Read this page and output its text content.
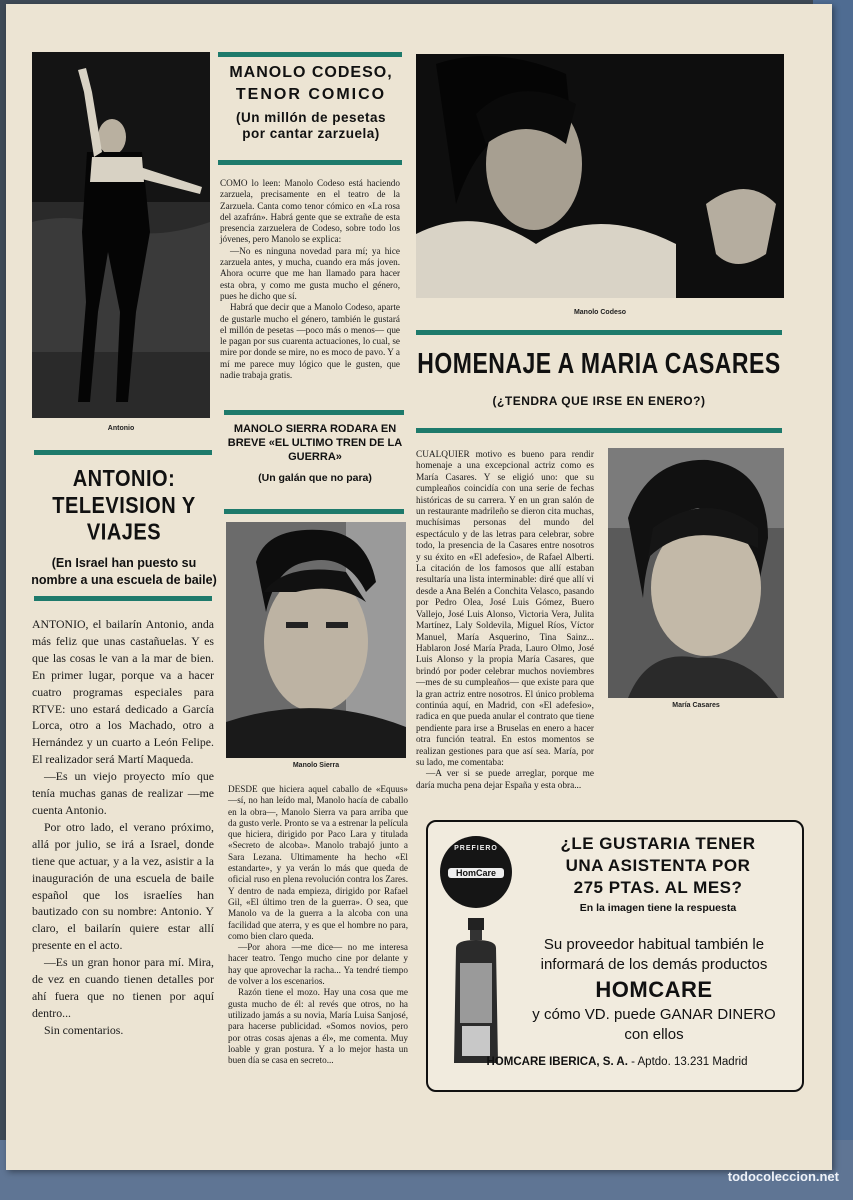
Antonio
ANTONIO:
TELEVISION Y VIAJES
(En Israel han puesto su nombre a una escuela de baile)

ANTONIO, el bailarín Antonio, anda más feliz que unas castañuelas. Y es que las cosas le van a la mar de bien. En primer lugar, porque va a hacer cuatro programas especiales para RTVE: uno estará dedicado a García Lorca, otro a los Machado, otro a Hernández y un cuarto a León Felipe. El realizador será Martí Maqueda.

—Es un viejo proyecto mío que tenía muchas ganas de realizar —me cuenta Antonio.

Por otro lado, el verano próximo, allá por julio, se irá a Israel, donde tiene que actuar, y a la vez, asistir a la inauguración de una escuela de baile español que los israelíes han bautizado con su nombre: Antonio. Y claro, el bailarín quiere estar allí presente en el acto.

—Es un gran honor para mí. Mira, de vez en cuando tienen detalles por ahí fuera que no tienen por aquí dentro...

Sin comentarios.

MANOLO CODESO,
TENOR COMICO
(Un millón de pesetas
por cantar zarzuela)

COMO lo leen: Manolo Codeso está haciendo zarzuela, precisamente en el teatro de la Zarzuela. Canta como tenor cómico en «La rosa del azafrán». Habrá gente que se extrañe de esta presencia zarzuelera de Codeso, sobre todo los jóvenes, pero Manolo se explica:

—No es ninguna novedad para mí; ya hice zarzuela antes, y mucha, cuando era más joven. Ahora ocurre que me han llamado para hacer esta obra, y como me gusta mucho el género, pues he dicho que sí.

Habrá que decir que a Manolo Codeso, aparte de gustarle mucho el género, también le gustará el millón de pesetas —poco más o menos— que le pagan por sus cuarenta actuaciones, lo cual, se mire por donde se mire, no es moco de pavo. Y a mí me parece muy lógico que le gusten, que nadie trabaja gratis.

MANOLO SIERRA RODARA EN BREVE «EL ULTIMO TREN DE LA GUERRA»
(Un galán que no para)
Manolo Sierra

DESDE que hiciera aquel caballo de «Equus» —sí, no han leído mal, Manolo hacía de caballo en la obra—, Manolo Sierra va para arriba que da gusto verle. Pronto se va a estrenar la película que hiciera, dirigido por Paco Lara y titulada «Secreto de alcoba». Manolo trabajó junto a Sara Lezana. Ultimamente ha hecho «El estandarte», y ya verán lo más que queda de oficial ruso en plena revolución contra los Zares. Y dentro de nada empieza, dirigido por Rafael Gil, «El último tren de la guerra». O sea, que Manolo va de la guerra a la alcoba con una facilidad que aterra, y es que el hombre no para, como bien claro queda.

—Por ahora —me dice— no me interesa hacer teatro. Tengo mucho cine por delante y hay que aprovechar la racha... Ya tendré tiempo de volver a los escenarios.

Razón tiene el mozo. Hay una cosa que me gusta mucho de él: al revés que otros, no ha utilizado jamás a su novia, María Luisa Sanjosé, para hacerse publicidad. «Somos novios, pero por otras cosas ajenas a él», me comenta. Muy loable y gran postura. Y a lo mejor hasta un buen día se casa en secreto...

Manolo Codeso
HOMENAJE A MARIA CASARES
(¿TENDRA QUE IRSE EN ENERO?)
María Casares

CUALQUIER motivo es bueno para rendir homenaje a una excepcional actriz como es María Casares. Y se eligió uno: que su cumpleaños coincidía con una serie de fechas históricas de su carrera. Y en un gran salón de un restaurante madrileño se dieron cita muchas, muchísimas personas del mundo del espectáculo y de las letras para celebrar, sobre todo, la presencia de la Casares entre nosotros y su éxito en «El adefesio», de Rafael Alberti. La citación de los famosos que allí estaban resultaría una lista interminable: diré que allí vi desde a Ana Belén a Conchita Velasco, pasando por Pedro Olea, José Luis Gómez, Buero Vallejo, José Luis Alonso, Victoria Vera, Julita Martínez, Laly Soldevila, Miguel Ríos, Víctor Manuel, María Asquerino, Tina Sainz... Hablaron José María Prada, Lauro Olmo, José Luis Alonso y la propia María Casares, que brindó por poder celebrar muchos noviembres —mes de su cumpleaños— que existe para que la gran actriz entre nosotros. El único problema continúa aquí, en Madrid, con «El adefesio», radica en que pueda anular el contrato que tiene pendiente para irse a Bruselas en enero a hacer otra función teatral. En estos momentos se realizan gestiones para que así sea. María, por su lado, me comentaba:

—A ver si se puede arreglar, porque me daría mucha pena dejar España y esta obra...

PREFIERO
HomCare
¿LE GUSTARIA TENER
UNA ASISTENTA POR
275 PTAS. AL MES?
En la imagen tiene la respuesta
Su proveedor habitual también le
informará de los demás productos
HOMCARE
y cómo VD. puede GANAR DINERO
con ellos
HOMCARE IBERICA, S. A. - Aptdo. 13.231 Madrid
todocoleccion.net
